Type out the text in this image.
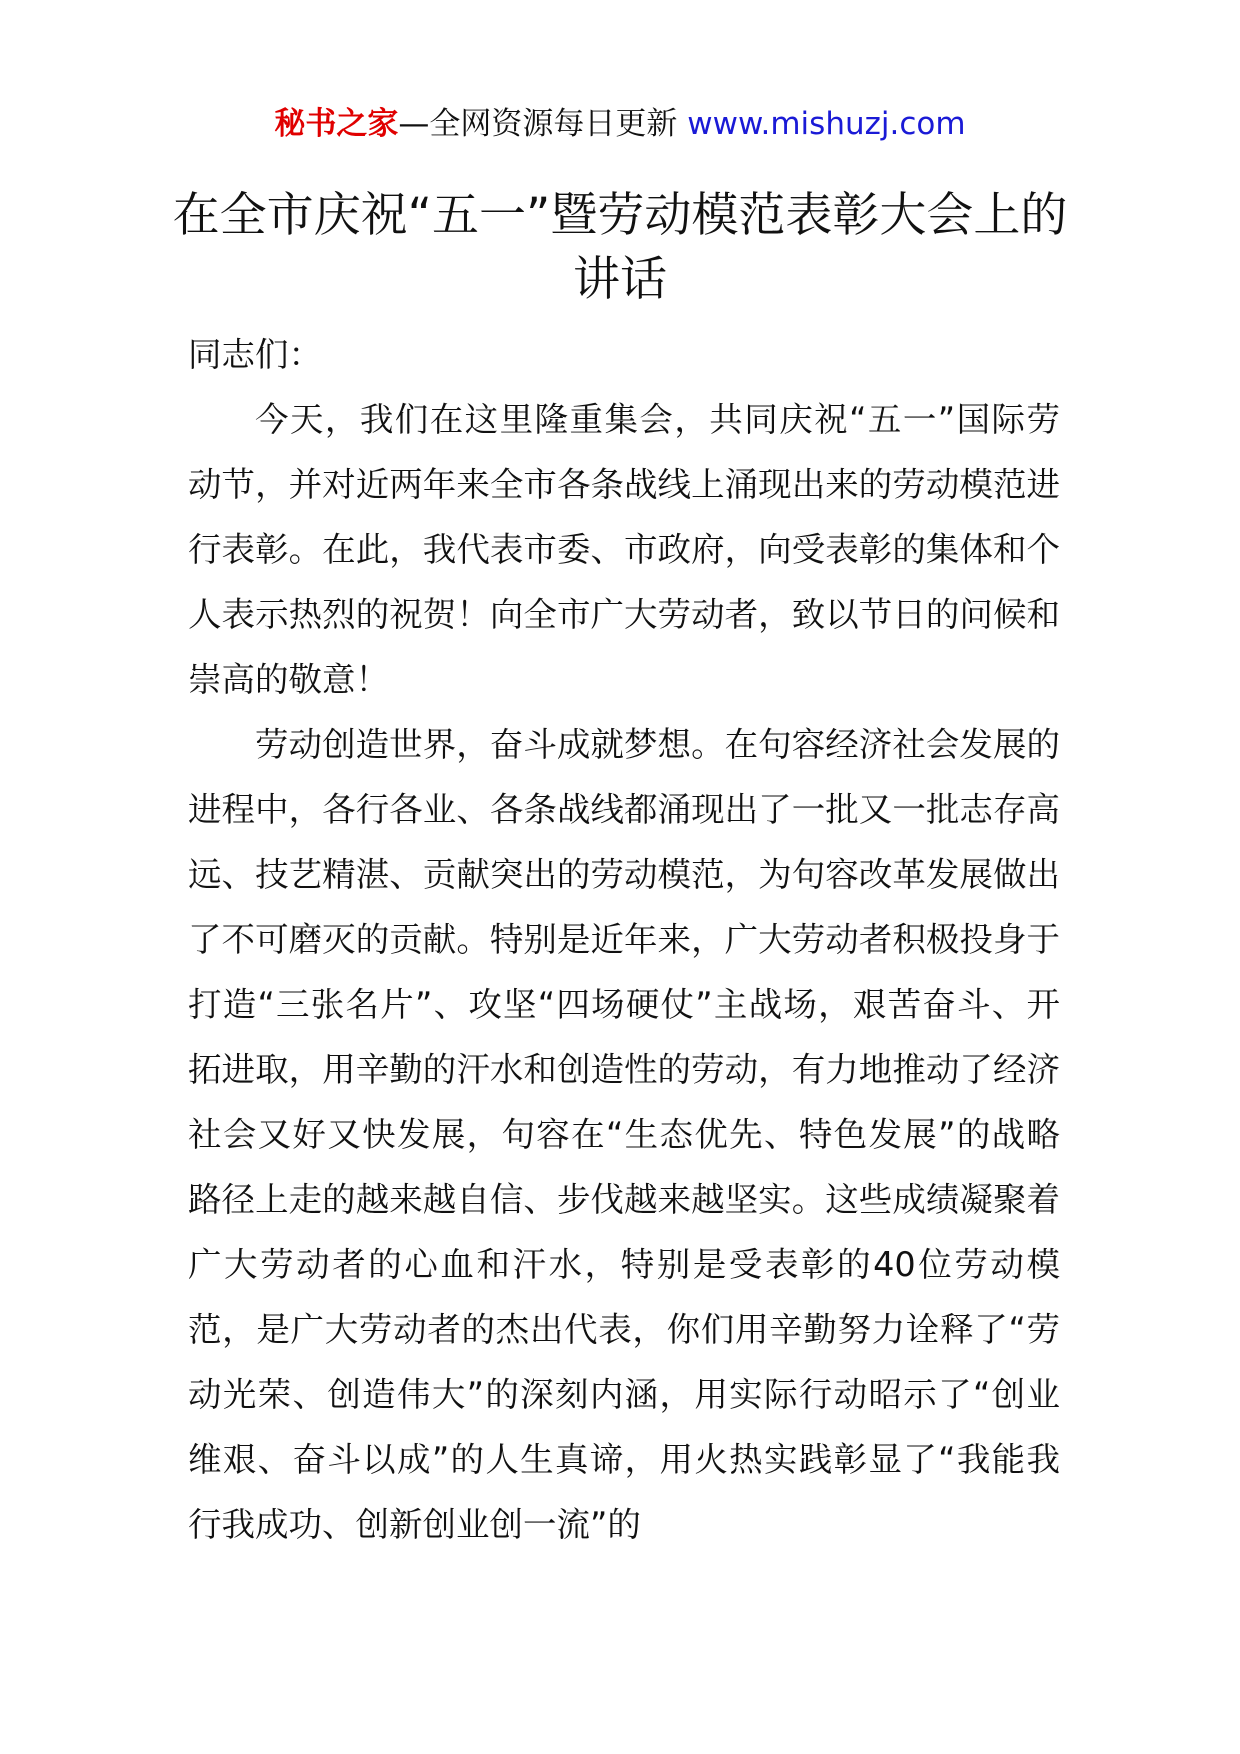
秘书之家—全网资源每日更新 www.mishuzj.com
在全市庆祝“五一”暨劳动模范表彰大会上的讲话

同志们：

今天，我们在这里隆重集会，共同庆祝“五一”国际劳动节，并对近两年来全市各条战线上涌现出来的劳动模范进行表彰。在此，我代表市委、市政府，向受表彰的集体和个人表示热烈的祝贺！向全市广大劳动者，致以节日的问候和崇高的敬意！

劳动创造世界，奋斗成就梦想。在句容经济社会发展的进程中，各行各业、各条战线都涌现出了一批又一批志存高远、技艺精湛、贡献突出的劳动模范，为句容改革发展做出了不可磨灭的贡献。特别是近年来，广大劳动者积极投身于打造“三张名片”、攻坚“四场硬仗”主战场，艰苦奋斗、开拓进取，用辛勤的汗水和创造性的劳动，有力地推动了经济社会又好又快发展，句容在“生态优先、特色发展”的战略路径上走的越来越自信、步伐越来越坚实。这些成绩凝聚着广大劳动者的心血和汗水，特别是受表彰的40位劳动模范，是广大劳动者的杰出代表，你们用辛勤努力诠释了“劳动光荣、创造伟大”的深刻内涵，用实际行动昭示了“创业维艰、奋斗以成”的人生真谛，用火热实践彰显了“我能我行我成功、创新创业创一流”的
